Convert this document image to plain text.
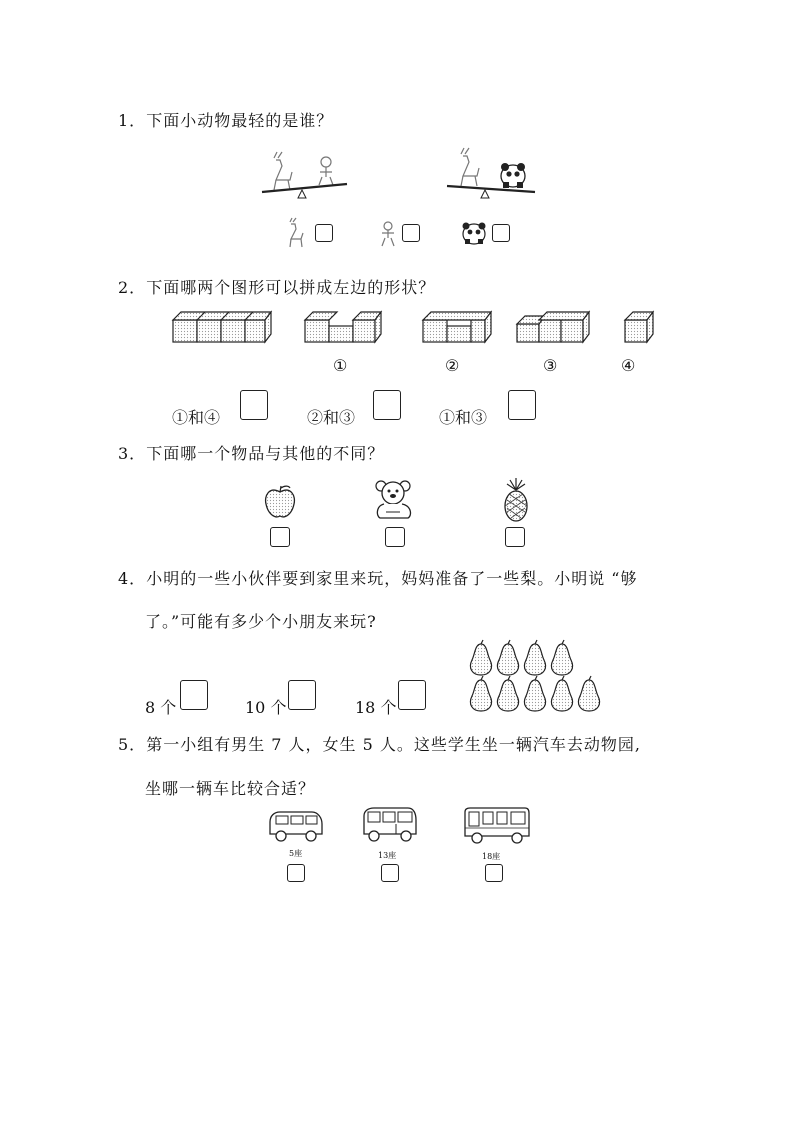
1．下面小动物最轻的是谁？
2．下面哪两个图形可以拼成左边的形状？
①	②	③	④
①和④	②和③	①和③
3．下面哪一个物品与其他的不同？
4．小明的一些小伙伴要到家里来玩，妈妈准备了一些梨。小明说 “够
了。”可能有多少个小朋友来玩?
8 个	10 个	18 个
5．第一小组有男生 7 人，女生 5 人。这些学生坐一辆汽车去动物园,
坐哪一辆车比较合适？
5座	13座	18座
